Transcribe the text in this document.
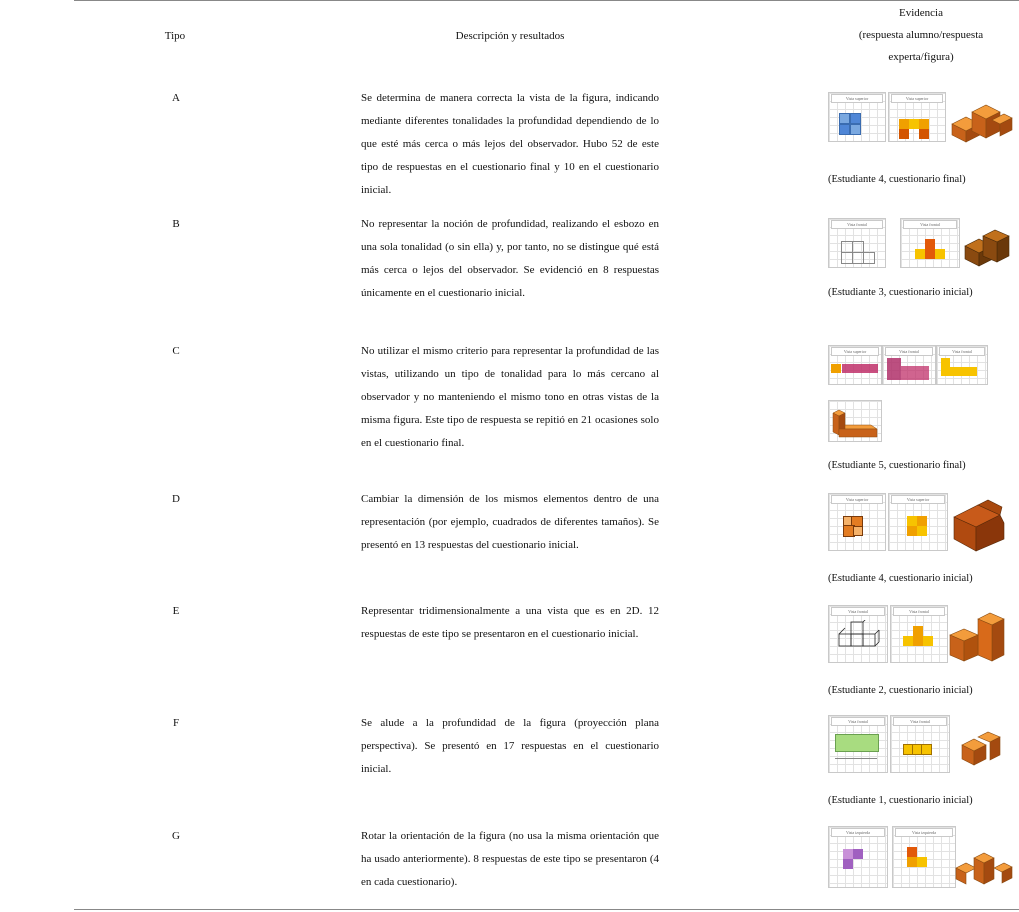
Tipo	Descripción y resultados
Evidencia
(respuesta alumno/respuesta
experta/figura)
A	Se determina de manera correcta la vista de la figura, indicando mediante diferentes tonalidades la profundidad dependiendo de lo que esté más cerca o más lejos del observador. Hubo 52 de este tipo de respuestas en el cuestionario final y 10 en el cuestionario inicial.
Vista superior	Vista superior
(Estudiante 4, cuestionario final)
B	No representar la noción de profundidad, realizando el esbozo en una sola tonalidad (o sin ella) y, por tanto, no se distingue qué está más cerca o lejos del observador. Se evidenció en 8 respuestas únicamente en el cuestionario inicial.
Vista frontal	Vista frontal
(Estudiante 3, cuestionario inicial)
C	No utilizar el mismo criterio para representar la profundidad de las vistas, utilizando un tipo de tonalidad para lo más cercano al observador y no manteniendo el mismo tono en otras vistas de la misma figura. Este tipo de respuesta se repitió en 21 ocasiones solo en el cuestionario final.
Vista superior	Vista frontal	Vista frontal
(Estudiante 5, cuestionario final)
D	Cambiar la dimensión de los mismos elementos dentro de una representación (por ejemplo, cuadrados de diferentes tamaños). Se presentó en 13 respuestas del cuestionario inicial.
Vista superior	Vista superior
(Estudiante 4, cuestionario inicial)
E	Representar tridimensionalmente a una vista que es en 2D. 12 respuestas de este tipo se presentaron en el cuestionario inicial.
Vista frontal	Vista frontal
(Estudiante 2, cuestionario inicial)
F	Se alude a la profundidad de la figura (proyección plana perspectiva). Se presentó en 17 respuestas en el cuestionario inicial.
Vista frontal	Vista frontal
(Estudiante 1, cuestionario inicial)
G	Rotar la orientación de la figura (no usa la misma orientación que ha usado anteriormente). 8 respuestas de este tipo se presentaron (4 en cada cuestionario).
Vista izquierda	Vista izquierda
